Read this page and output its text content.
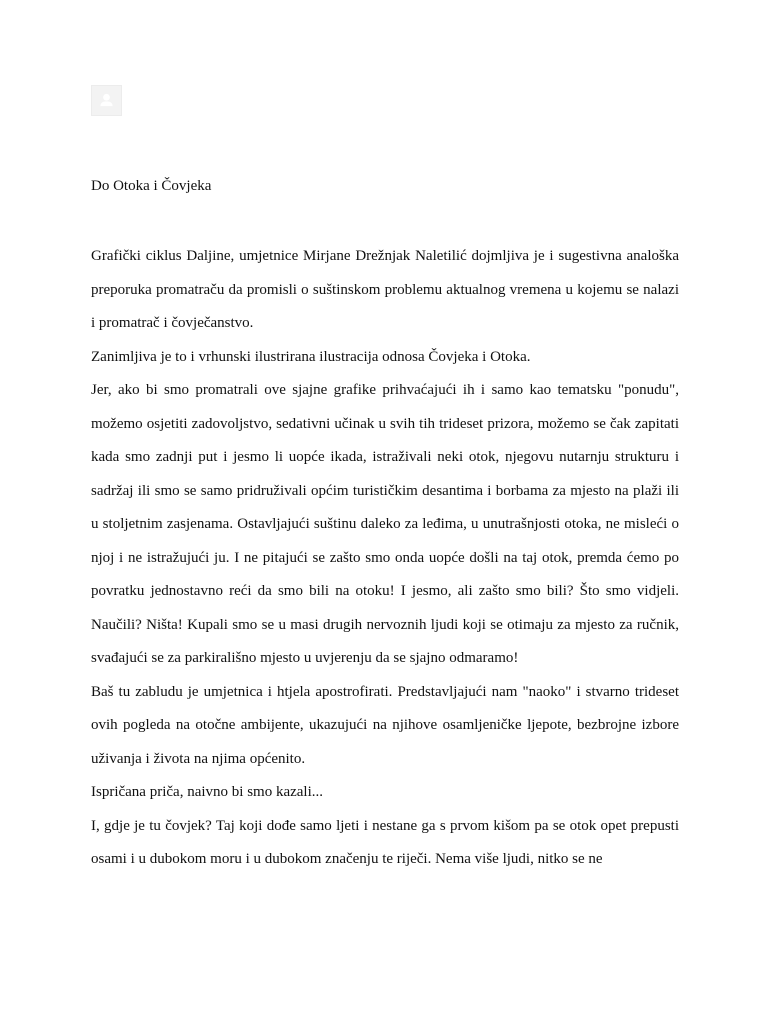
Do Otoka i Čovjeka

Grafički ciklus Daljine, umjetnice Mirjane Drežnjak Naletilić dojmljiva je i sugestivna analoška preporuka promatraču da promisli o suštinskom problemu aktualnog vremena u kojemu se nalazi i promatrač i čovječanstvo.

Zanimljiva je to i vrhunski ilustrirana ilustracija odnosa Čovjeka i Otoka.

Jer, ako bi smo promatrali ove sjajne grafike prihvaćajući ih i samo kao tematsku "ponudu", možemo osjetiti zadovoljstvo, sedativni učinak u svih tih trideset prizora, možemo se čak zapitati kada smo zadnji put i jesmo li uopće ikada, istraživali neki otok, njegovu nutarnju strukturu i sadržaj ili smo se samo pridruživali općim turističkim desantima i borbama za mjesto na plaži ili u stoljetnim zasjenama. Ostavljajući suštinu daleko za leđima, u unutrašnjosti otoka, ne misleći o njoj i ne istražujući ju. I ne pitajući se zašto smo onda uopće došli na taj otok, premda ćemo po povratku jednostavno reći da smo bili na otoku! I jesmo, ali zašto smo bili? Što smo vidjeli. Naučili? Ništa! Kupali smo se u masi drugih nervoznih ljudi koji se otimaju za mjesto za ručnik, svađajući se za parkirališno mjesto u uvjerenju da se sjajno odmaramo!

Baš tu zabludu je umjetnica i htjela apostrofirati. Predstavljajući nam "naoko" i stvarno trideset ovih pogleda na otočne ambijente, ukazujući na njihove osamljeničke ljepote, bezbrojne izbore uživanja i života na njima općenito.

Ispričana priča, naivno bi smo kazali...

I, gdje je tu čovjek? Taj koji dođe samo ljeti i nestane ga s prvom kišom pa se otok opet prepusti osami i u dubokom moru i u dubokom značenju te riječi. Nema više ljudi, nitko se ne
